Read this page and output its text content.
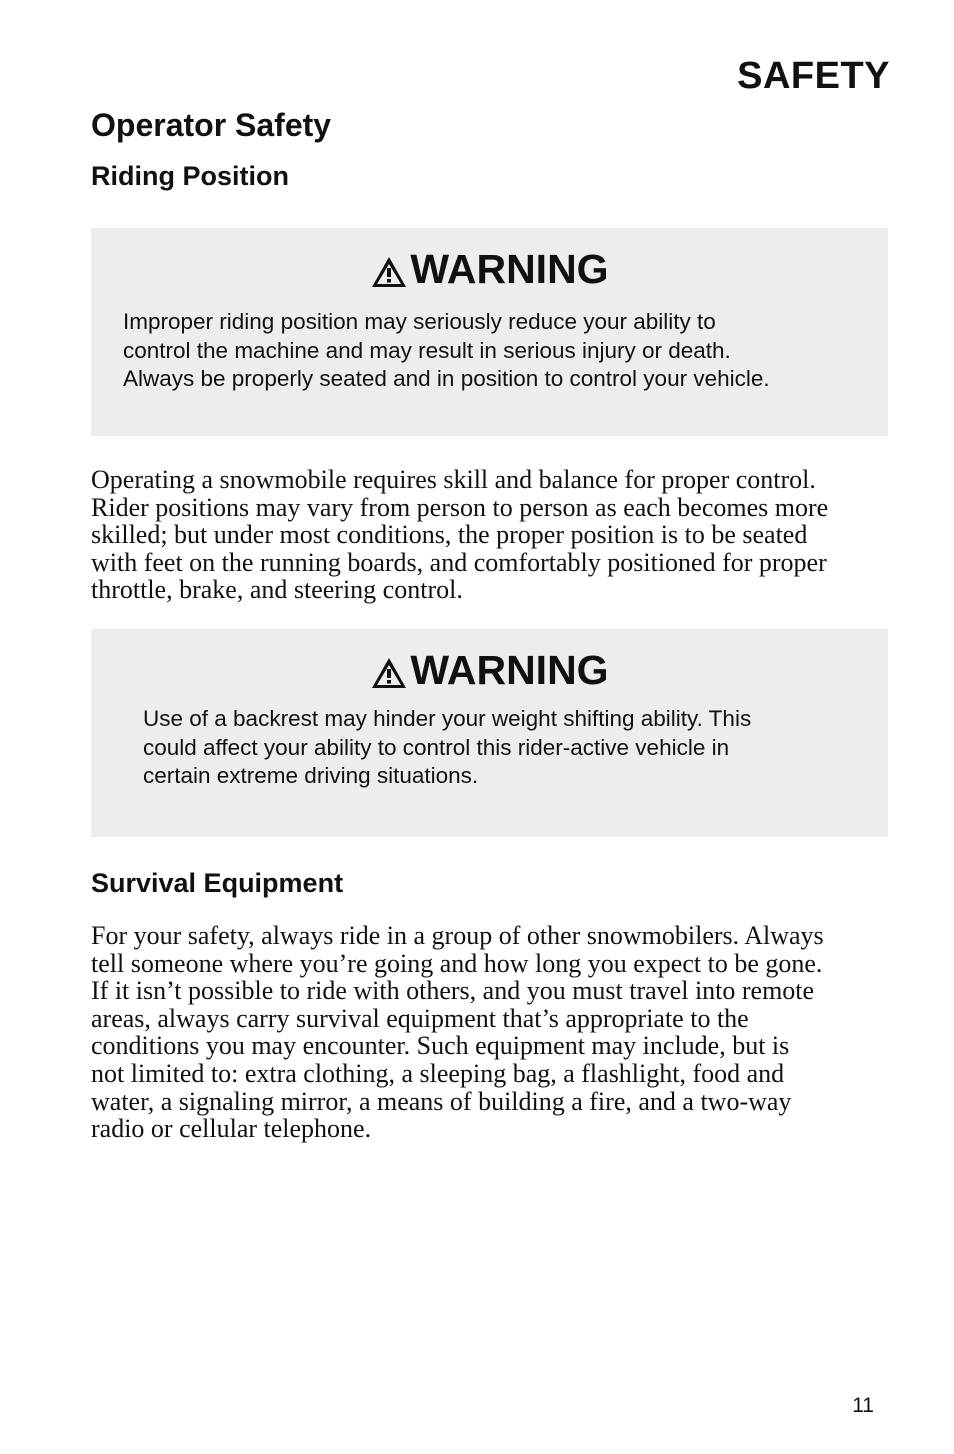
SAFETY
Operator Safety
Riding Position
WARNING
Improper riding position may seriously reduce your ability to
control the machine and may result in serious injury or death.
Always be properly seated and in position to control your vehicle.
Operating a snowmobile requires skill and balance for proper control.
Rider positions may vary from person to person as each becomes more
skilled; but under most conditions, the proper position is to be seated
with feet on the running boards, and comfortably positioned for proper
throttle, brake, and steering control.
WARNING
Use of a backrest may hinder your weight shifting ability. This
could affect your ability to control this rider-active vehicle in
certain extreme driving situations.
Survival Equipment
For your safety, always ride in a group of other snowmobilers. Always
tell someone where you’re going and how long you expect to be gone.
If it isn’t possible to ride with others, and you must travel into remote
areas, always carry survival equipment that’s appropriate to the
conditions you may encounter. Such equipment may include, but is
not limited to: extra clothing, a sleeping bag, a flashlight, food and
water, a signaling mirror, a means of building a fire, and a two-way
radio or cellular telephone.
11
